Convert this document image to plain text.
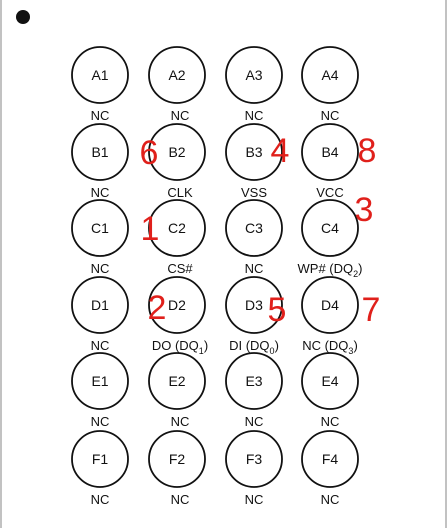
A1
NC
A2
NC
A3
NC
A4
NC
B1
NC
B2
CLK
B3
VSS
B4
VCC
C1
NC
C2
CS#
C3
NC
C4
WP# $(DQ_2)$
D1
NC
D2
DO $(DQ_1)$
D3
DI $(DQ_0)$
D4
NC $(DQ_3)$
E1
NC
E2
NC
E3
NC
E4
NC
F1
NC
F2
NC
F3
NC
F4
NC
6	4 8
3
1
2	5 7
